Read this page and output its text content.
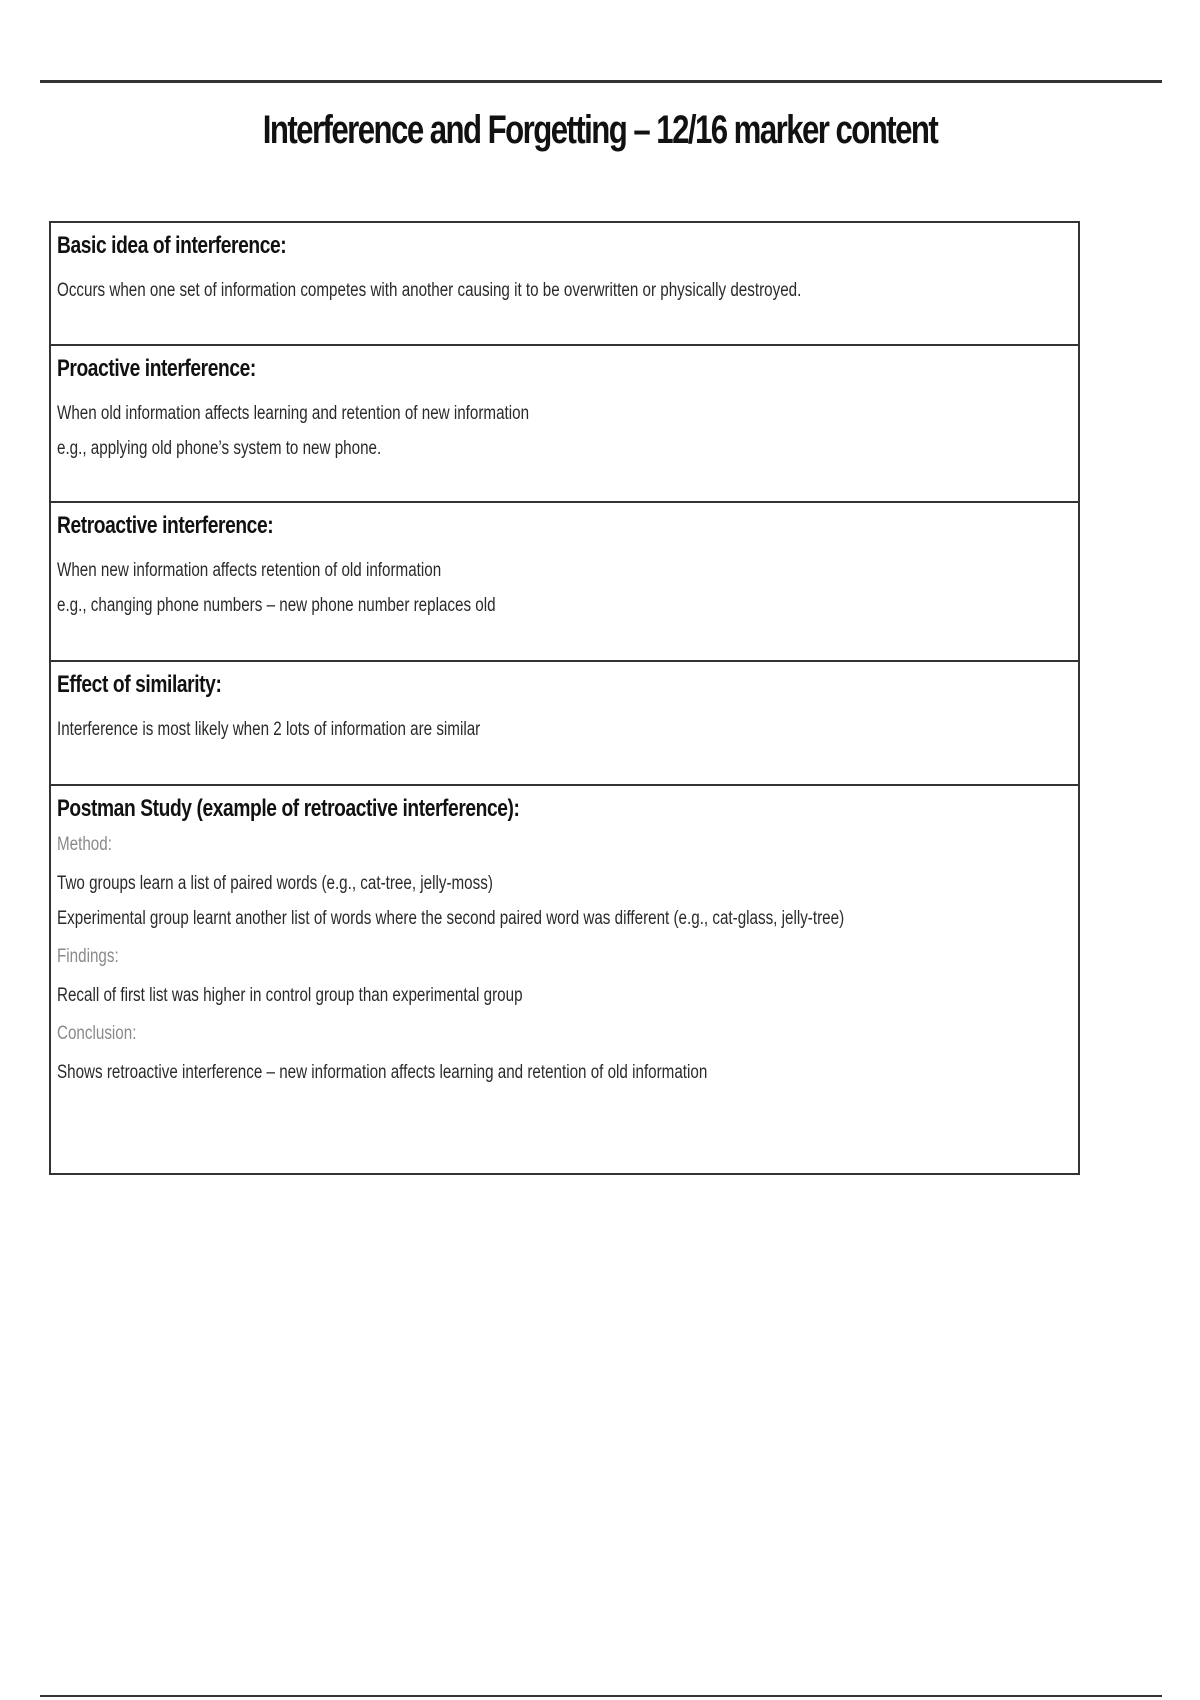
Interference and Forgetting – 12/16 marker content
Basic idea of interference:
Occurs when one set of information competes with another causing it to be overwritten or physically destroyed.
Proactive interference:
When old information affects learning and retention of new information
e.g., applying old phone’s system to new phone.
Retroactive interference:
When new information affects retention of old information
e.g., changing phone numbers – new phone number replaces old
Effect of similarity:
Interference is most likely when 2 lots of information are similar
Postman Study (example of retroactive interference):
Method:
Two groups learn a list of paired words (e.g., cat-tree, jelly-moss)
Experimental group learnt another list of words where the second paired word was different (e.g., cat-glass, jelly-tree)
Findings:
Recall of first list was higher in control group than experimental group
Conclusion:
Shows retroactive interference – new information affects learning and retention of old information
